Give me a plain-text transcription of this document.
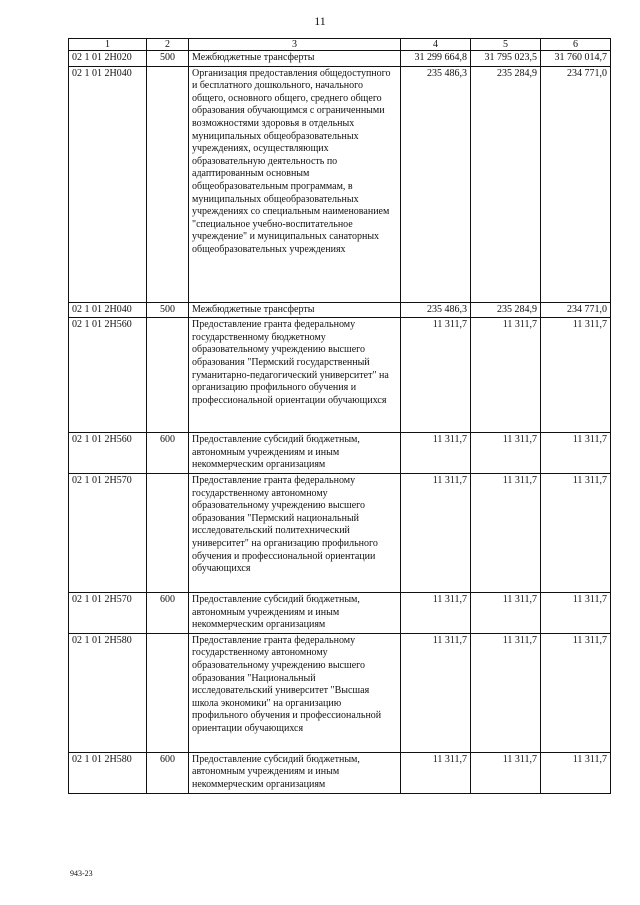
11
1	2	3	4	5	6
02 1 01 2Н020	500	Межбюджетные трансферты	31 299 664,8	31 795 023,5	31 760 014,7
02 1 01 2Н040		Организация предоставления общедоступного и бесплатного дошкольного, начального общего, основного общего, среднего общего образования обучающимся с ограниченными возможностями здоровья в отдельных муниципальных общеобразовательных учреждениях, осуществляющих образовательную деятельность по адаптированным основным общеобразовательным программам, в муниципальных общеобразовательных учреждениях со специальным наименованием "специальное учебно-воспитательное учреждение" и муниципальных санаторных общеобразовательных учреждениях	235 486,3	235 284,9	234 771,0
02 1 01 2Н040	500	Межбюджетные трансферты	235 486,3	235 284,9	234 771,0
02 1 01 2Н560		Предоставление гранта федеральному государственному бюджетному образовательному учреждению высшего образования "Пермский государственный гуманитарно-педагогический университет" на организацию профильного обучения и профессиональной ориентации обучающихся	11 311,7	11 311,7	11 311,7
02 1 01 2Н560	600	Предоставление субсидий бюджетным, автономным учреждениям и иным некоммерческим организациям	11 311,7	11 311,7	11 311,7
02 1 01 2Н570		Предоставление гранта федеральному государственному автономному образовательному учреждению высшего образования "Пермский национальный исследовательский политехнический университет" на организацию профильного обучения и профессиональной ориентации обучающихся	11 311,7	11 311,7	11 311,7
02 1 01 2Н570	600	Предоставление субсидий бюджетным, автономным учреждениям и иным некоммерческим организациям	11 311,7	11 311,7	11 311,7
02 1 01 2Н580		Предоставление гранта федеральному государственному автономному образовательному учреждению высшего образования "Национальный исследовательский университет "Высшая школа экономики" на организацию профильного обучения и профессиональной ориентации обучающихся	11 311,7	11 311,7	11 311,7
02 1 01 2Н580	600	Предоставление субсидий бюджетным, автономным учреждениям и иным некоммерческим организациям	11 311,7	11 311,7	11 311,7
943-23
